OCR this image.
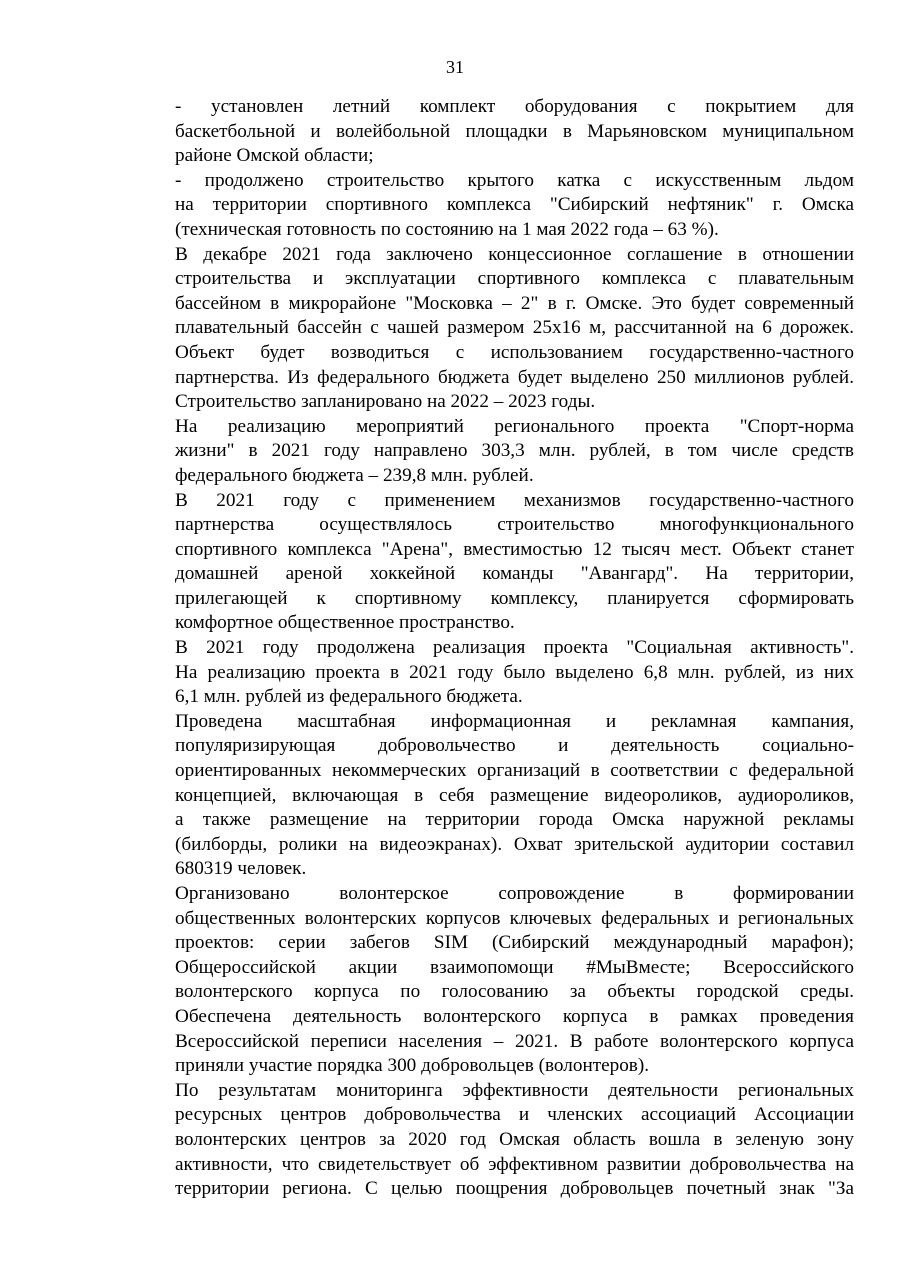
31

- установлен летний комплект оборудования с покрытием для
баскетбольной и волейбольной площадки в Марьяновском муниципальном
районе Омской области;

- продолжено строительство крытого катка с искусственным льдом
на территории спортивного комплекса "Сибирский нефтяник" г. Омска
(техническая готовность по состоянию на 1 мая 2022 года – 63 %).

В декабре 2021 года заключено концессионное соглашение в отношении
строительства и эксплуатации спортивного комплекса с плавательным
бассейном в микрорайоне "Московка – 2" в г. Омске. Это будет современный
плавательный бассейн с чашей размером 25х16 м, рассчитанной на 6 дорожек.
Объект будет возводиться с использованием государственно-частного
партнерства. Из федерального бюджета будет выделено 250 миллионов рублей.
Строительство запланировано на 2022 – 2023 годы.

На реализацию мероприятий регионального проекта "Спорт-норма
жизни" в 2021 году направлено 303,3 млн. рублей, в том числе средств
федерального бюджета – 239,8 млн. рублей.

В 2021 году с применением механизмов государственно-частного
партнерства осуществлялось строительство многофункционального
спортивного комплекса "Арена", вместимостью 12 тысяч мест. Объект станет
домашней ареной хоккейной команды "Авангард". На территории,
прилегающей к спортивному комплексу, планируется сформировать
комфортное общественное пространство.

В 2021 году продолжена реализация проекта "Социальная активность".
На реализацию проекта в 2021 году было выделено 6,8 млн. рублей, из них
6,1 млн. рублей из федерального бюджета.

Проведена масштабная информационная и рекламная кампания,
популяризирующая добровольчество и деятельность социально-
ориентированных некоммерческих организаций в соответствии с федеральной
концепцией, включающая в себя размещение видеороликов, аудиороликов,
а также размещение на территории города Омска наружной рекламы
(билборды, ролики на видеоэкранах). Охват зрительской аудитории составил
680319 человек.

Организовано волонтерское сопровождение в формировании
общественных волонтерских корпусов ключевых федеральных и региональных
проектов: серии забегов SIM (Сибирский международный марафон);
Общероссийской акции взаимопомощи #МыВместе; Всероссийского
волонтерского корпуса по голосованию за объекты городской среды.
Обеспечена деятельность волонтерского корпуса в рамках проведения
Всероссийской переписи населения – 2021. В работе волонтерского корпуса
приняли участие порядка 300 добровольцев (волонтеров).

По результатам мониторинга эффективности деятельности региональных
ресурсных центров добровольчества и членских ассоциаций Ассоциации
волонтерских центров за 2020 год Омская область вошла в зеленую зону
активности, что свидетельствует об эффективном развитии добровольчества на
территории региона. С целью поощрения добровольцев почетный знак "За
